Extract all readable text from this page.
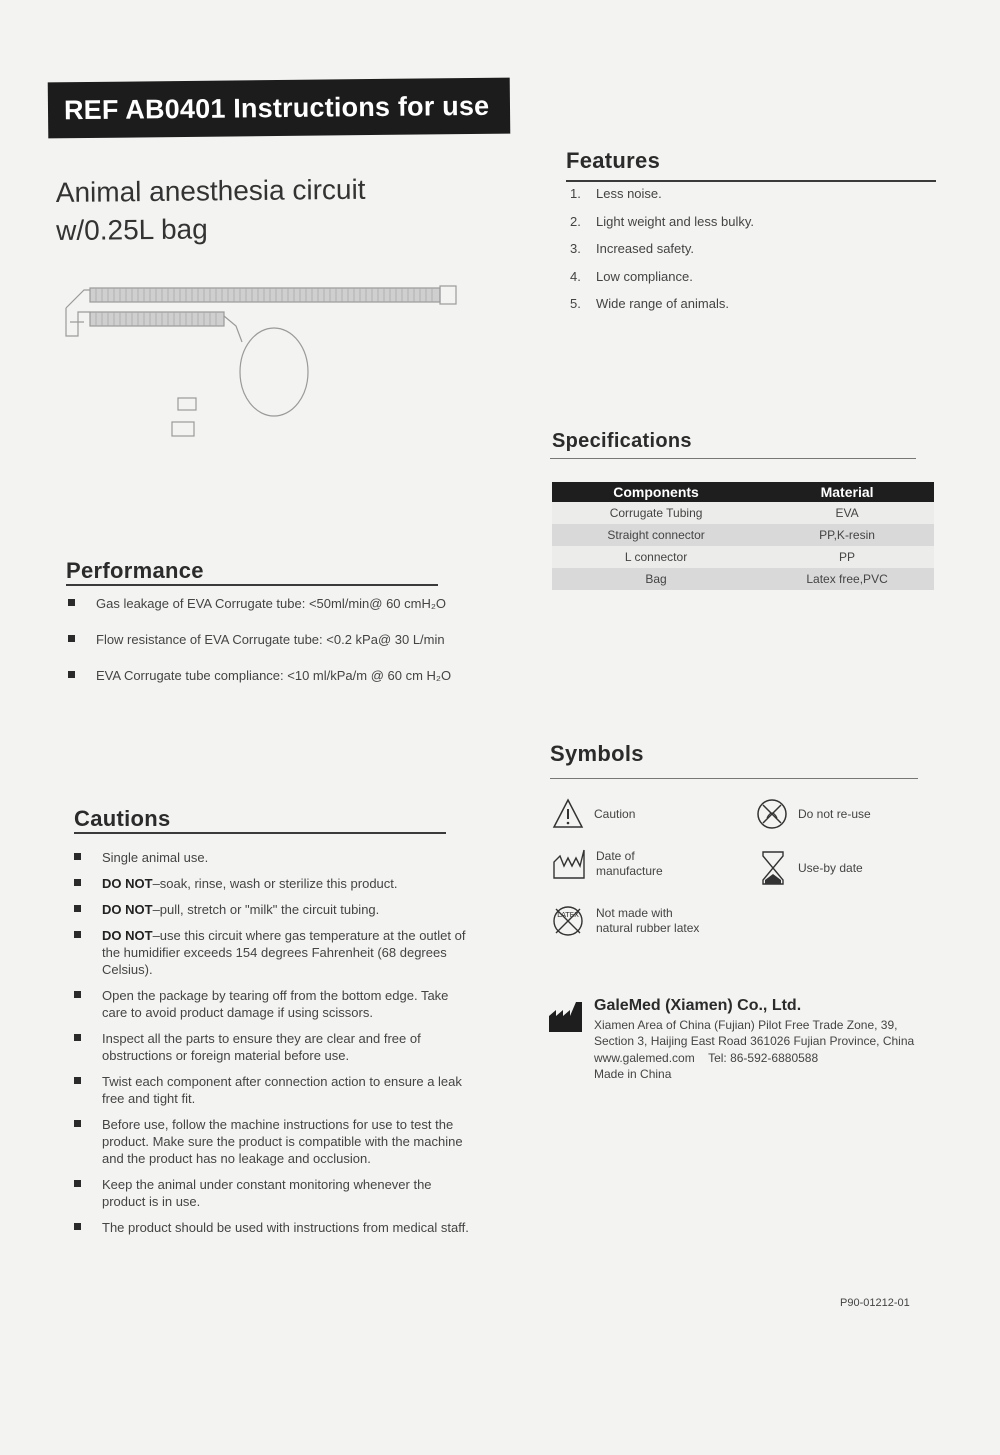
REF AB0401 Instructions for use
Animal anesthesia circuit
w/0.25L bag
Features
1.	Less noise.
2.	Light weight and less bulky.
3.	Increased safety.
4.	Low compliance.
5.	Wide range of animals.
Specifications
Components	Material
Corrugate Tubing	EVA
Straight connector	PP,K-resin
L connector	PP
Bag	Latex free,PVC
Performance
Gas leakage of EVA Corrugate tube: <50ml/min@ 60 cmH₂O
Flow resistance of EVA Corrugate tube: <0.2 kPa@ 30 L/min
EVA Corrugate tube compliance: <10 ml/kPa/m @ 60 cm H₂O
Cautions
Single animal use.
DO NOT–soak, rinse, wash or sterilize this product.
DO NOT–pull, stretch or "milk" the circuit tubing.
DO NOT–use this circuit where gas temperature at the outlet of the humidifier exceeds 154 degrees Fahrenheit (68 degrees Celsius).
Open the package by tearing off from the bottom edge. Take care to avoid product damage if using scissors.
Inspect all the parts to ensure they are clear and free of obstructions or foreign material before use.
Twist each component after connection action to ensure a leak free and tight fit.
Before use, follow the machine instructions for use to test the product. Make sure the product is compatible with the machine and the product has no leakage and occlusion.
Keep the animal under constant monitoring whenever the product is in use.
The product should be used with instructions from medical staff.
Symbols
Caution	Do not re-use
Date of
manufacture	Use-by date
LATEX Not made with
natural rubber latex
GaleMed (Xiamen) Co., Ltd.
Xiamen Area of China (Fujian) Pilot Free Trade Zone, 39,
Section 3, Haijing East Road 361026 Fujian Province, China
www.galemed.com Tel: 86-592-6880588
Made in China
P90-01212-01
